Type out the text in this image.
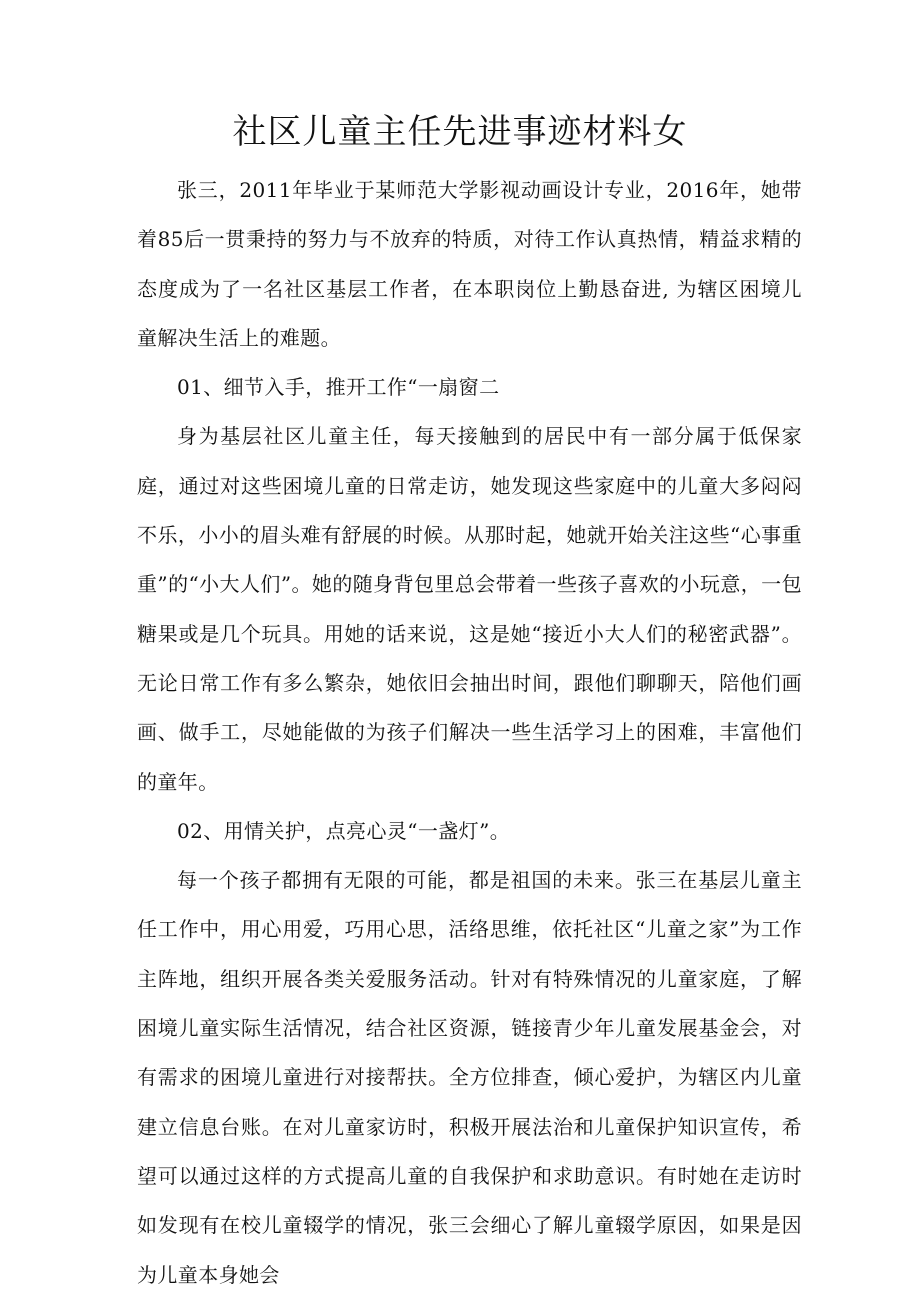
社区儿童主任先进事迹材料女

张三，2011年毕业于某师范大学影视动画设计专业，2016年，她带着85后一贯秉持的努力与不放弃的特质，对待工作认真热情，精益求精的态度成为了一名社区基层工作者，在本职岗位上勤恳奋进, 为辖区困境儿童解决生活上的难题。

01、细节入手，推开工作“一扇窗二

身为基层社区儿童主任，每天接触到的居民中有一部分属于低保家庭，通过对这些困境儿童的日常走访，她发现这些家庭中的儿童大多闷闷不乐，小小的眉头难有舒展的时候。从那时起，她就开始关注这些“心事重重”的“小大人们”。她的随身背包里总会带着一些孩子喜欢的小玩意，一包糖果或是几个玩具。用她的话来说，这是她“接近小大人们的秘密武器”。无论日常工作有多么繁杂，她依旧会抽出时间，跟他们聊聊天，陪他们画画、做手工，尽她能做的为孩子们解决一些生活学习上的困难，丰富他们的童年。

02、用情关护，点亮心灵“一盏灯”。

每一个孩子都拥有无限的可能，都是祖国的未来。张三在基层儿童主任工作中，用心用爱，巧用心思，活络思维，依托社区“儿童之家”为工作主阵地，组织开展各类关爱服务活动。针对有特殊情况的儿童家庭，了解困境儿童实际生活情况，结合社区资源，链接青少年儿童发展基金会，对有需求的困境儿童进行对接帮扶。全方位排查，倾心爱护，为辖区内儿童建立信息台账。在对儿童家访时，积极开展法治和儿童保护知识宣传，希望可以通过这样的方式提高儿童的自我保护和求助意识。有时她在走访时如发现有在校儿童辍学的情况，张三会细心了解儿童辍学原因，如果是因为儿童本身她会
